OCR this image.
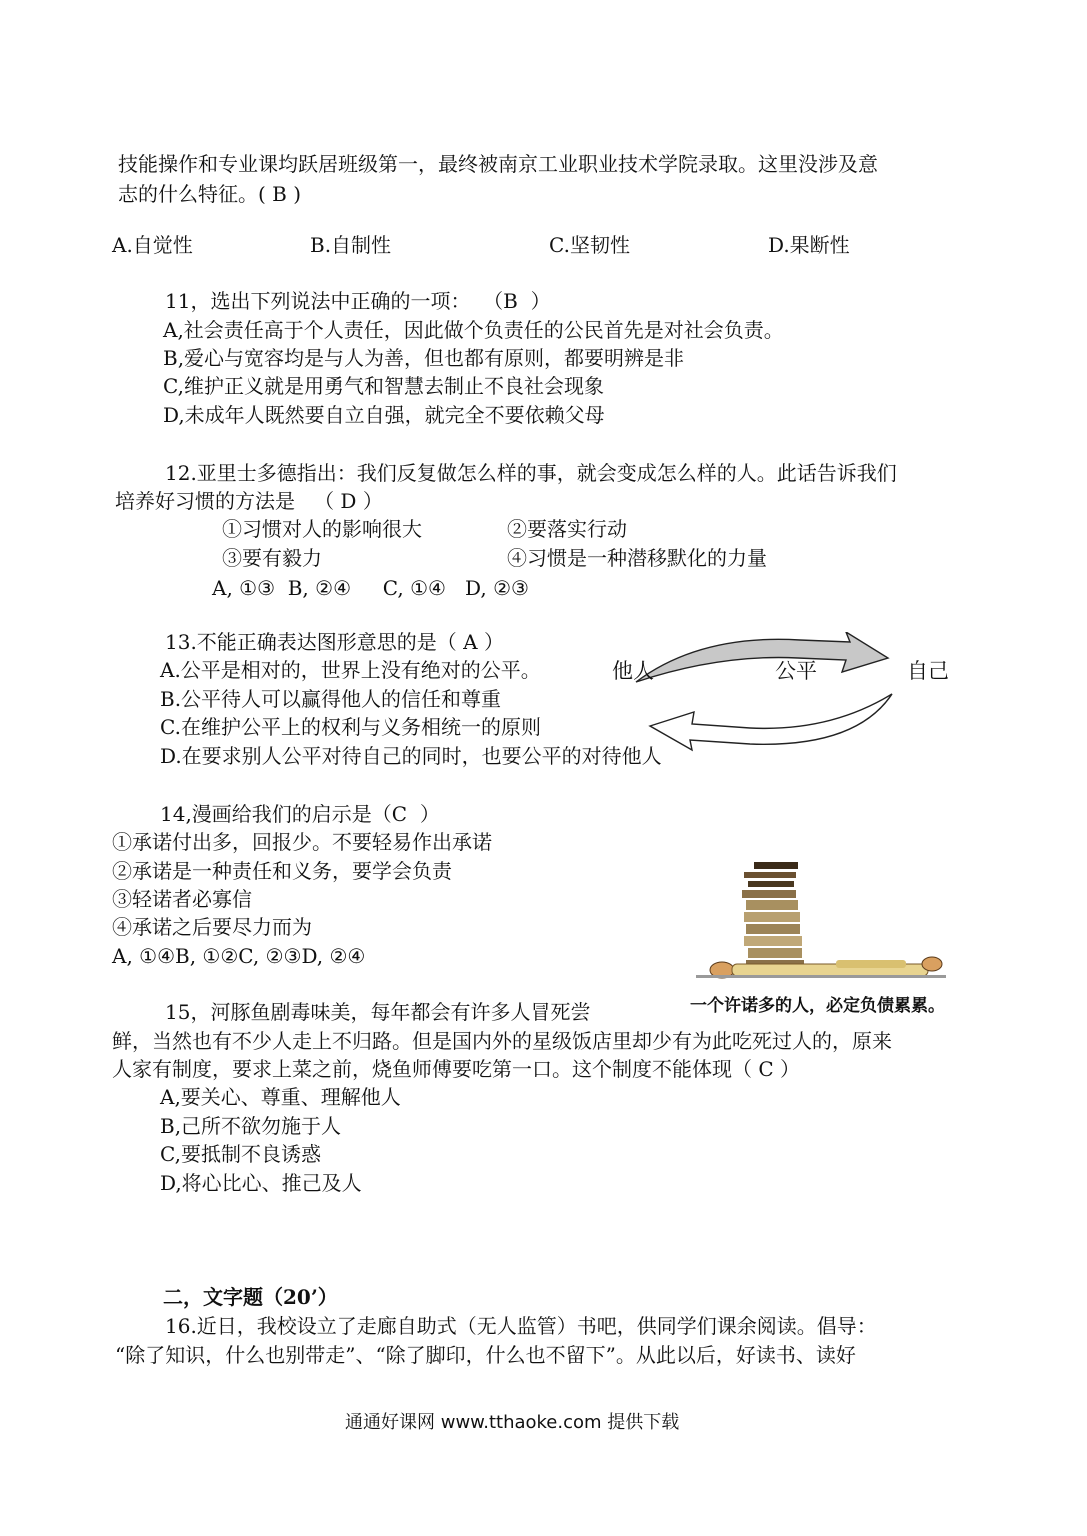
技能操作和专业课均跃居班级第一，最终被南京工业职业技术学院录取。这里没涉及意
志的什么特征。( B )
A.自觉性	B.自制性	C.坚韧性	D.果断性
11，选出下列说法中正确的一项：  （B  ）
A,社会责任高于个人责任，因此做个负责任的公民首先是对社会负责。
B,爱心与宽容均是与人为善，但也都有原则，都要明辨是非
C,维护正义就是用勇气和智慧去制止不良社会现象
D,未成年人既然要自立自强，就完全不要依赖父母
12.亚里士多德指出：我们反复做怎么样的事，就会变成怎么样的人。此话告诉我们
培养好习惯的方法是   （ D ）
①习惯对人的影响很大	②要落实行动
③要有毅力	④习惯是一种潜移默化的力量
A, ①③  B, ②④     C, ①④   D, ②③
13.不能正确表达图形意思的是（ A ）
A.公平是相对的，世界上没有绝对的公平。
B.公平待人可以赢得他人的信任和尊重
C.在维护公平上的权利与义务相统一的原则
D.在要求别人公平对待自己的同时，也要公平的对待他人
他人	公平	自己
14,漫画给我们的启示是（C  ）
①承诺付出多，回报少。不要轻易作出承诺
②承诺是一种责任和义务，要学会负责
③轻诺者必寡信
④承诺之后要尽力而为
A, ①④B, ①②C, ②③D, ②④
一个许诺多的人，必定负债累累。
15，河豚鱼剧毒味美，每年都会有许多人冒死尝
鲜，当然也有不少人走上不归路。但是国内外的星级饭店里却少有为此吃死过人的，原来
人家有制度，要求上菜之前，烧鱼师傅要吃第一口。这个制度不能体现（ C ）
A,要关心、尊重、理解他人
B,己所不欲勿施于人
C,要抵制不良诱惑
D,将心比心、推己及人
二，文字题（20’）
16.近日，我校设立了走廊自助式（无人监管）书吧，供同学们课余阅读。倡导：
“除了知识，什么也别带走”、“除了脚印，什么也不留下”。从此以后，好读书、读好
通通好课网 www.tthaoke.com 提供下载
